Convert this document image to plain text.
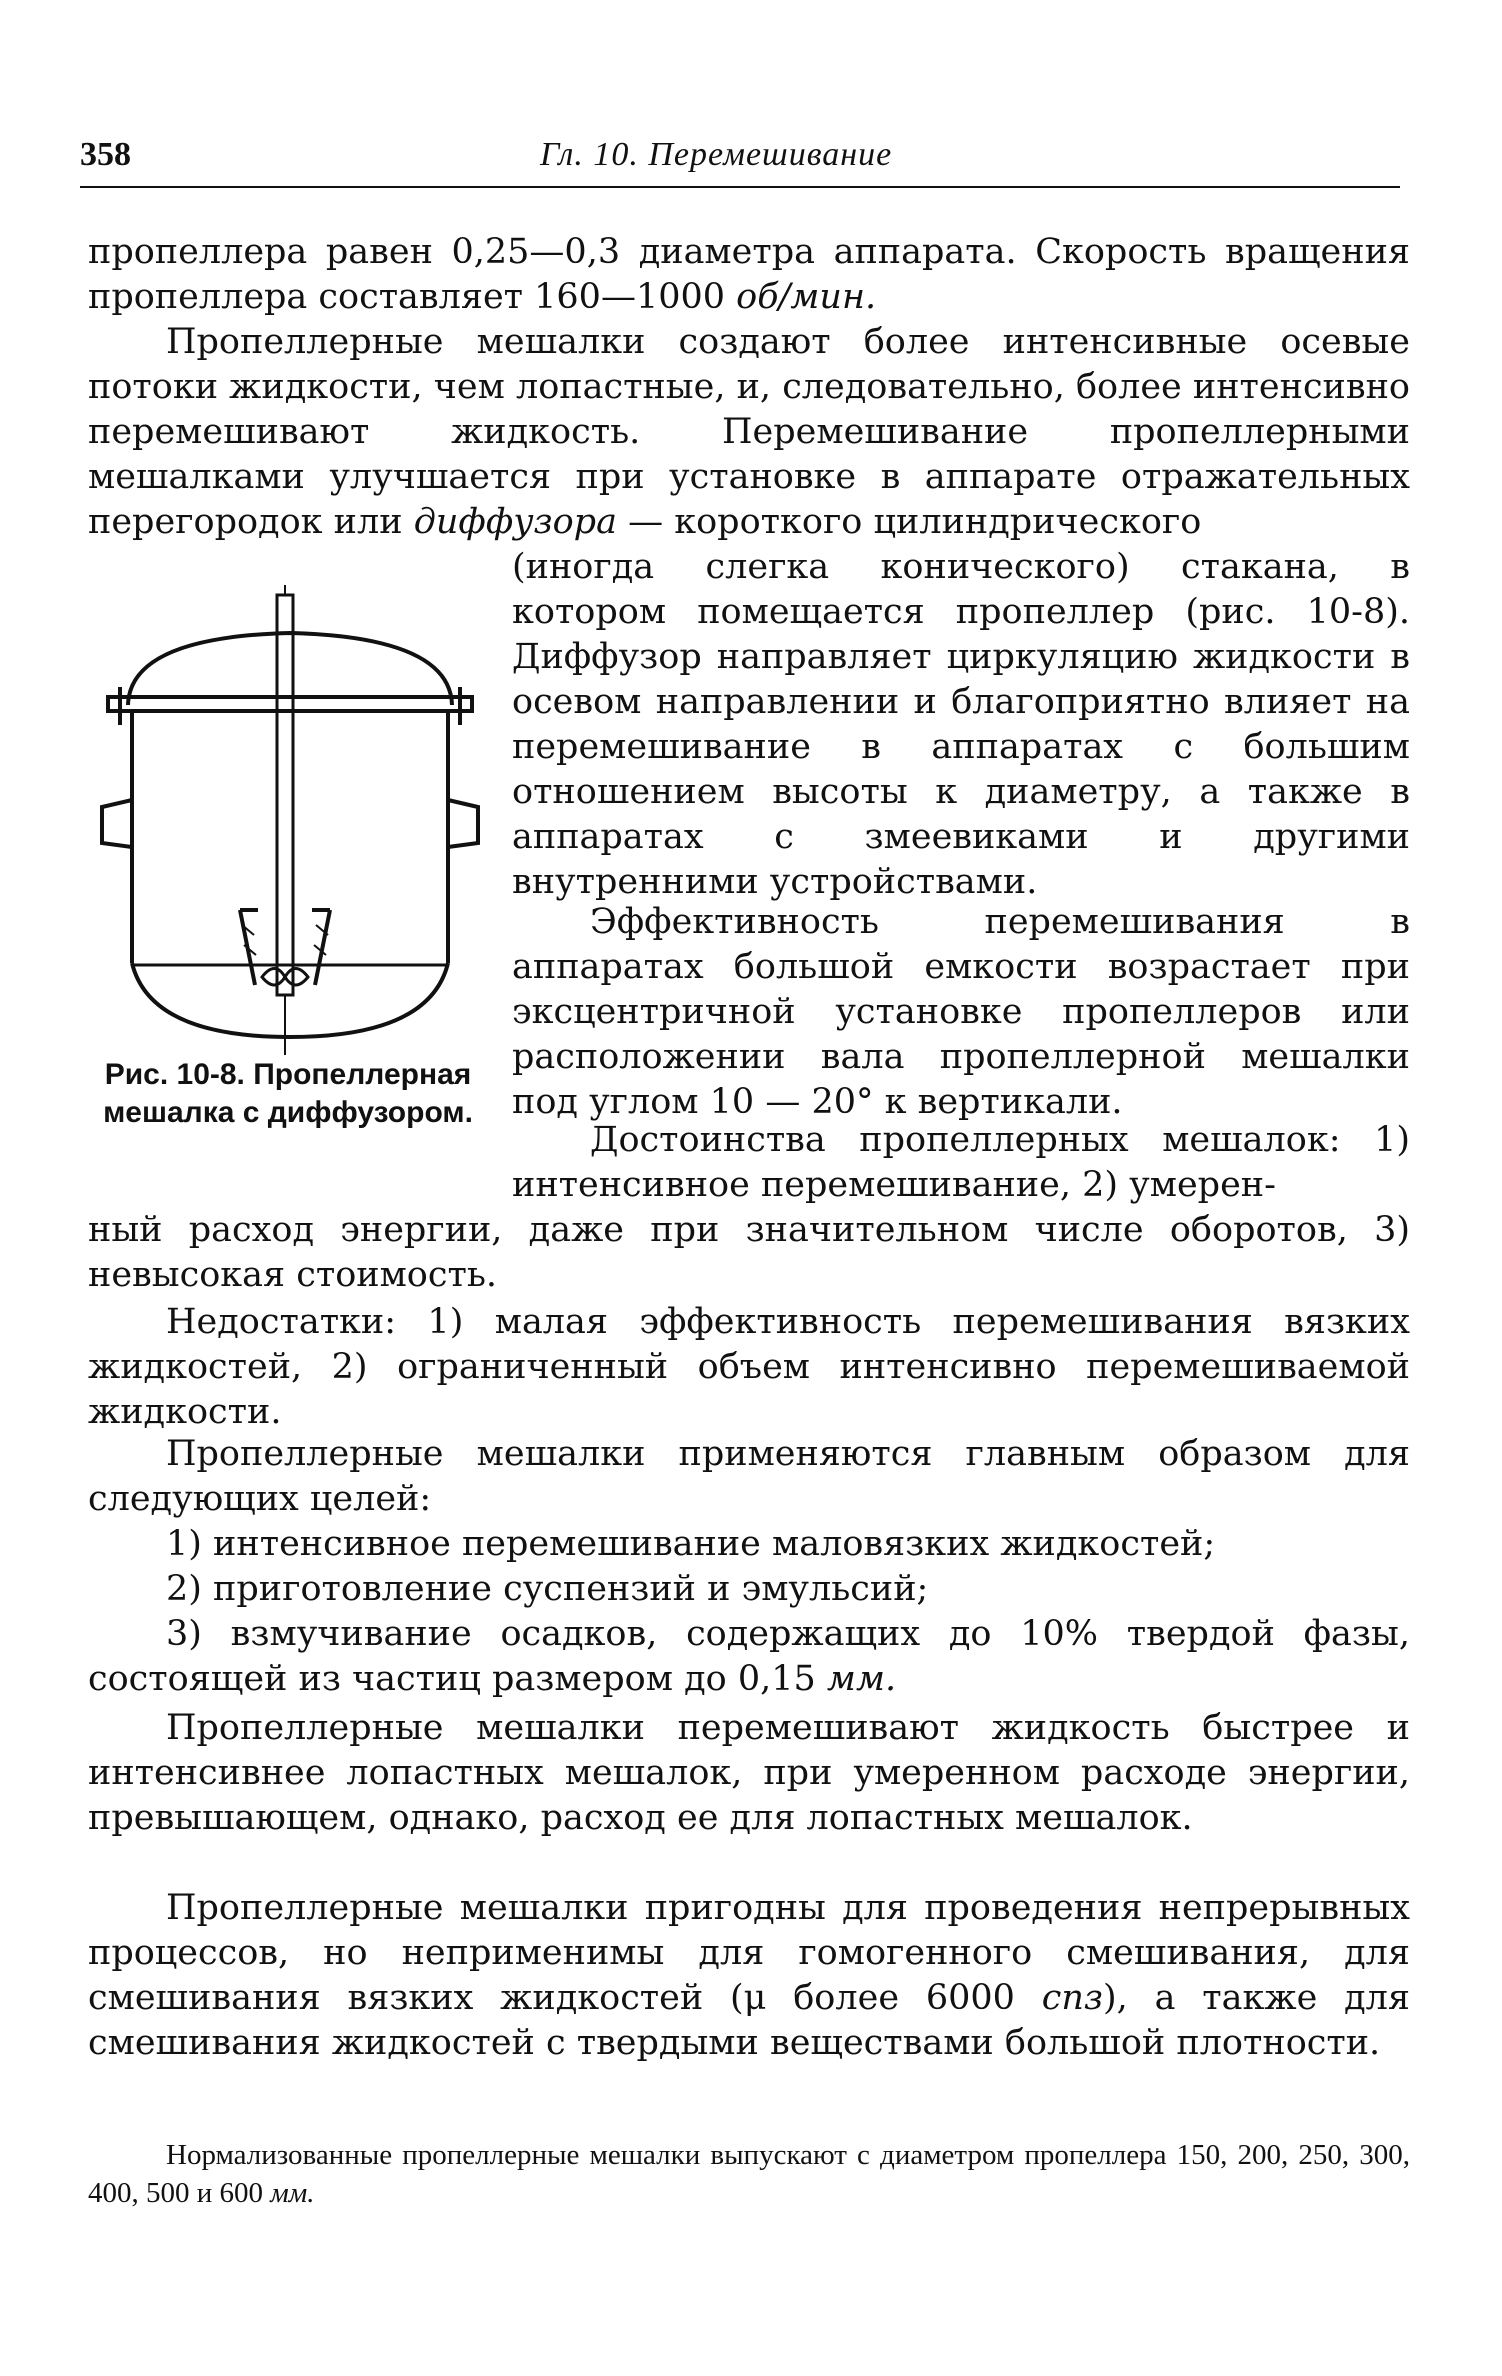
358	Гл. 10. Перемешивание

пропеллера равен 0,25—0,3 диаметра аппарата. Скорость вращения пропеллера составляет 160—1000 об/мин.

Пропеллерные мешалки создают более интенсивные осевые потоки жидкости, чем лопастные, и, следовательно, более интенсивно перемешивают жидкость. Перемешивание пропеллерными мешалками улучшается при установке в аппарате отражательных перегородок или диффузора — короткого цилиндрического

(иногда слегка конического) стакана, в котором помещается пропеллер (рис. 10-8). Диффузор направляет циркуляцию жидкости в осевом направлении и благоприятно влияет на перемешивание в аппаратах с большим отношением высоты к диаметру, а также в аппаратах с змеевиками и другими внутренними устройствами.

Эффективность перемешивания в аппаратах большой емкости возрастает при эксцентричной установке пропеллеров или расположении вала пропеллерной мешалки под углом 10 — 20° к вертикали.

Достоинства пропеллерных мешалок: 1) интенсивное перемешивание, 2) умерен-

ный расход энергии, даже при значительном числе оборотов, 3) невысокая стоимость.

Недостатки: 1) малая эффективность перемешивания вязких жидкостей, 2) ограниченный объем интенсивно перемешиваемой жидкости.

Пропеллерные мешалки применяются главным образом для следующих целей:

1) интенсивное перемешивание маловязких жидкостей;

2) приготовление суспензий и эмульсий;

3) взмучивание осадков, содержащих до 10% твердой фазы, состоящей из частиц размером до 0,15 мм.

Пропеллерные мешалки перемешивают жидкость быстрее и интенсивнее лопастных мешалок, при умеренном расходе энергии, превышающем, однако, расход ее для лопастных мешалок.

Пропеллерные мешалки пригодны для проведения непрерывных процессов, но неприменимы для гомогенного смешивания, для смешивания вязких жидкостей (μ более 6000 спз), а также для смешивания жидкостей с твердыми веществами большой плотности.

Нормализованные пропеллерные мешалки выпускают с диаметром пропеллера 150, 200, 250, 300, 400, 500 и 600 мм.

Рис. 10-8. Пропеллерная мешалка с диффузором.
